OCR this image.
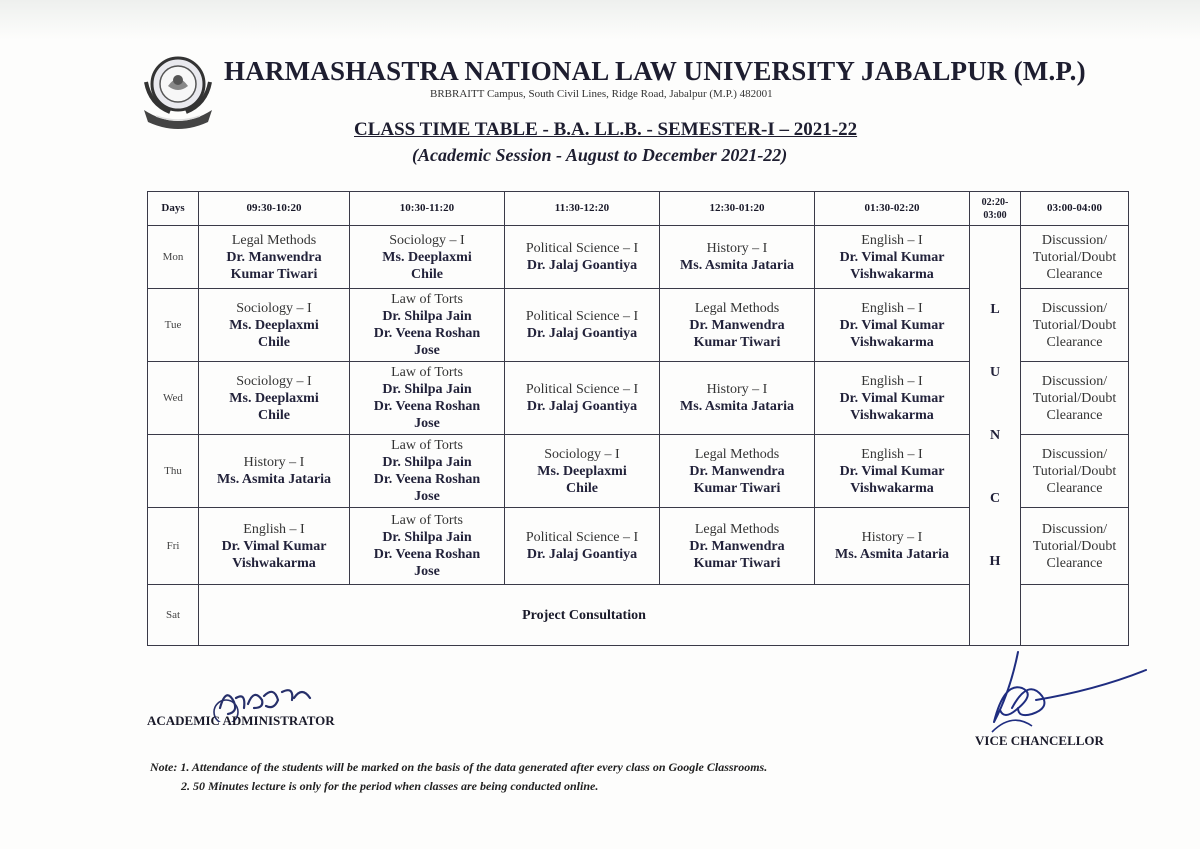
HARMASHASTRA NATIONAL LAW UNIVERSITY JABALPUR (M.P.)
BRBRAITT Campus, South Civil Lines, Ridge Road, Jabalpur (M.P.) 482001
CLASS TIME TABLE - B.A. LL.B. - SEMESTER-I – 2021-22
(Academic Session - August to December 2021-22)
Days	09:30-10:20	10:30-11:20	11:30-12:20	12:30-01:20	01:30-02:20	02:20-03:00	03:00-04:00
Mon	Legal Methods
Dr. Manwendra
Kumar Tiwari	Sociology – I
Ms. Deeplaxmi
Chile	Political Science – I
Dr. Jalaj Goantiya	History – I
Ms. Asmita Jataria	English – I
Dr. Vimal Kumar
Vishwakarma	L
U
N
C
H	Discussion/
Tutorial/Doubt
Clearance

Tue	Sociology – I
Ms. Deeplaxmi
Chile	Law of Torts
Dr. Shilpa Jain
Dr. Veena Roshan
Jose	Political Science – I
Dr. Jalaj Goantiya	Legal Methods
Dr. Manwendra
Kumar Tiwari	English – I
Dr. Vimal Kumar
Vishwakarma		Discussion/
Tutorial/Doubt
Clearance

Wed	Sociology – I
Ms. Deeplaxmi
Chile	Law of Torts
Dr. Shilpa Jain
Dr. Veena Roshan
Jose	Political Science – I
Dr. Jalaj Goantiya	History – I
Ms. Asmita Jataria	English – I
Dr. Vimal Kumar
Vishwakarma		Discussion/
Tutorial/Doubt
Clearance

Thu	History – I
Ms. Asmita Jataria	Law of Torts
Dr. Shilpa Jain
Dr. Veena Roshan
Jose	Sociology – I
Ms. Deeplaxmi
Chile	Legal Methods
Dr. Manwendra
Kumar Tiwari	English – I
Dr. Vimal Kumar
Vishwakarma		Discussion/
Tutorial/Doubt
Clearance

Fri	English – I
Dr. Vimal Kumar
Vishwakarma	Law of Torts
Dr. Shilpa Jain
Dr. Veena Roshan
Jose	Political Science – I
Dr. Jalaj Goantiya	Legal Methods
Dr. Manwendra
Kumar Tiwari	History – I
Ms. Asmita Jataria		Discussion/
Tutorial/Doubt
Clearance

Sat	Project Consultation						
ACADEMIC ADMINISTRATOR
VICE CHANCELLOR
Note: 1. Attendance of the students will be marked on the basis of the data generated after every class on Google Classrooms.
2. 50 Minutes lecture is only for the period when classes are being conducted online.
